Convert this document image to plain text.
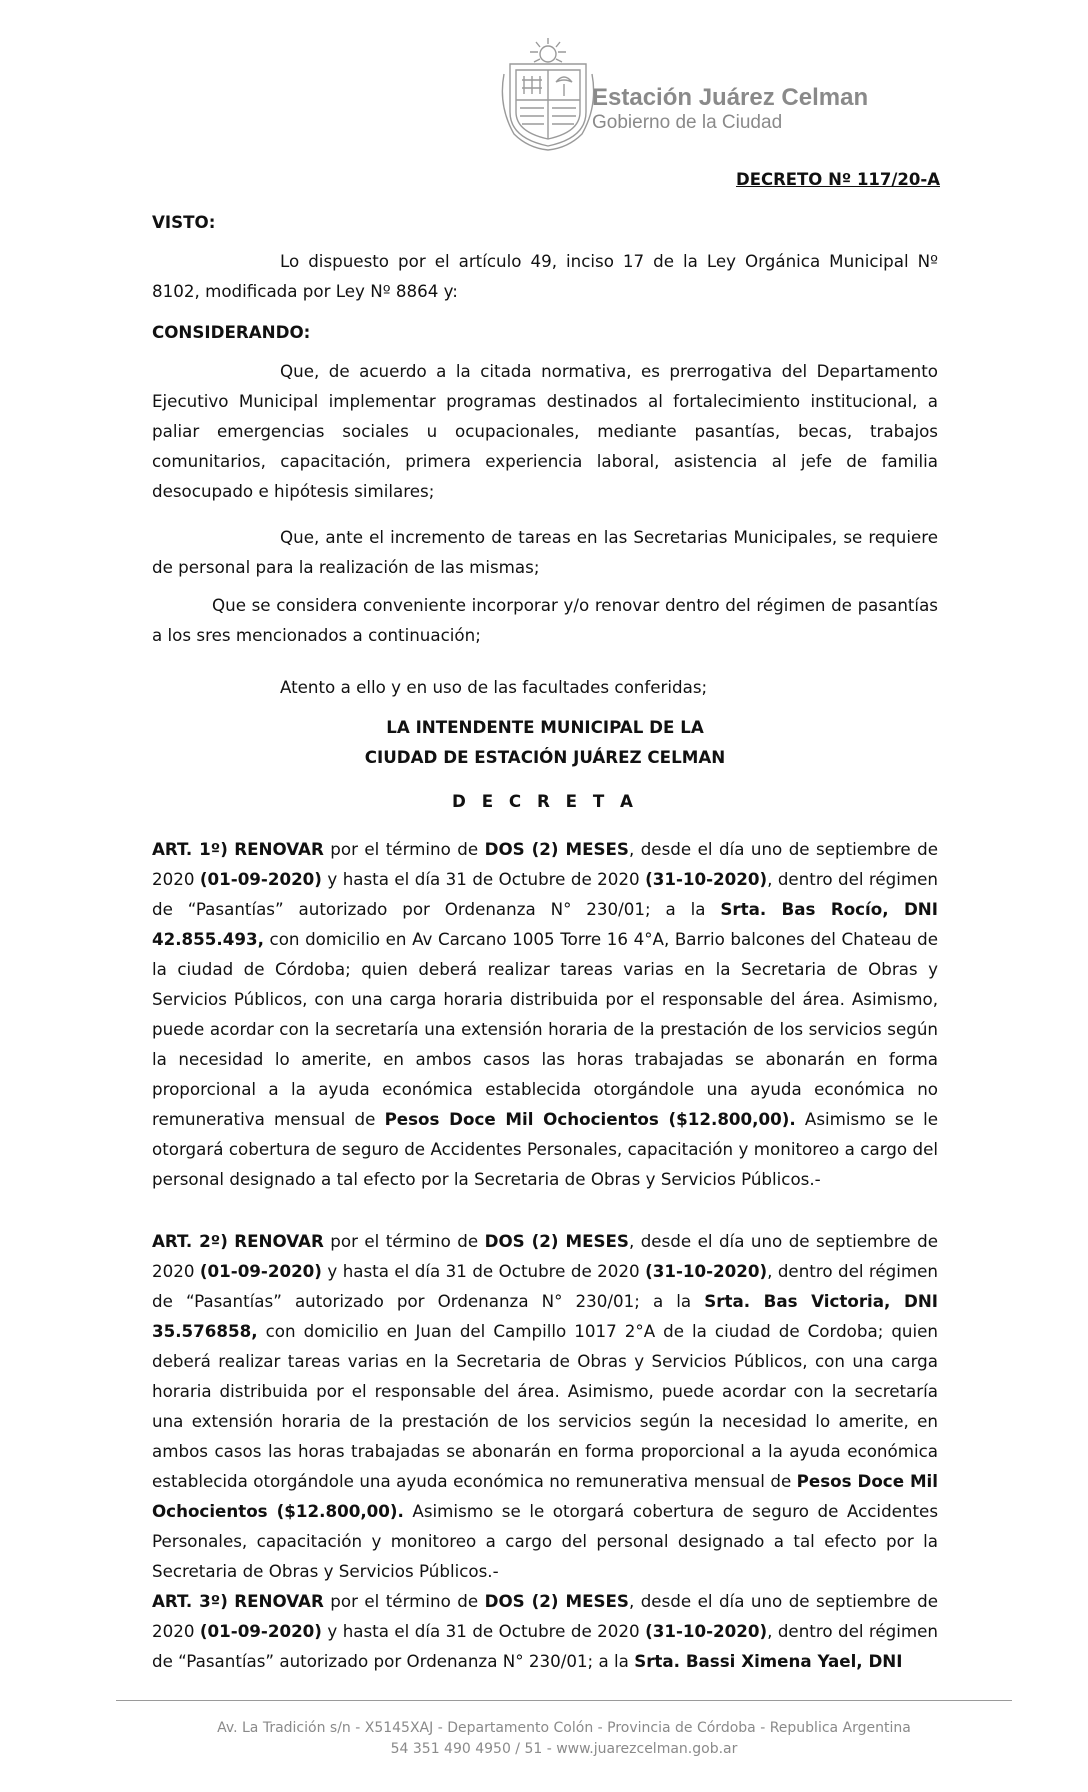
Estación Juárez Celman
Gobierno de la Ciudad
DECRETO Nº 117/20-A
VISTO:
Lo dispuesto por el artículo 49, inciso 17 de la Ley Orgánica Municipal Nº 8102, modificada por Ley Nº 8864 y:
CONSIDERANDO:
Que, de acuerdo a la citada normativa, es prerrogativa del Departamento Ejecutivo Municipal implementar programas destinados al fortalecimiento institucional, a paliar emergencias sociales u ocupacionales, mediante pasantías, becas, trabajos comunitarios, capacitación, primera experiencia laboral, asistencia al jefe de familia desocupado e hipótesis similares;
Que, ante el incremento de tareas en las Secretarias Municipales, se requiere de personal para la realización de las mismas;
Que se considera conveniente incorporar y/o renovar dentro del régimen de pasantías a los sres mencionados a continuación;
Atento a ello y en uso de las facultades conferidas;
LA INTENDENTE MUNICIPAL DE LA
CIUDAD DE ESTACIÓN JUÁREZ CELMAN
D E C R E T A
ART. 1º) RENOVAR por el término de DOS (2) MESES, desde el día uno de septiembre de 2020 (01-09-2020) y hasta el día 31 de Octubre de 2020 (31-10-2020), dentro del régimen de “Pasantías” autorizado por Ordenanza N° 230/01; a la Srta. Bas Rocío, DNI 42.855.493, con domicilio en Av Carcano 1005 Torre 16 4°A, Barrio balcones del Chateau de la ciudad de Córdoba; quien deberá realizar tareas varias en la Secretaria de Obras y Servicios Públicos, con una carga horaria distribuida por el responsable del área. Asimismo, puede acordar con la secretaría una extensión horaria de la prestación de los servicios según la necesidad lo amerite, en ambos casos las horas trabajadas se abonarán en forma proporcional a la ayuda económica establecida otorgándole una ayuda económica no remunerativa mensual de Pesos Doce Mil Ochocientos ($12.800,00). Asimismo se le otorgará cobertura de seguro de Accidentes Personales, capacitación y monitoreo a cargo del personal designado a tal efecto por la Secretaria de Obras y Servicios Públicos.-
ART. 2º) RENOVAR por el término de DOS (2) MESES, desde el día uno de septiembre de 2020 (01-09-2020) y hasta el día 31 de Octubre de 2020 (31-10-2020), dentro del régimen de “Pasantías” autorizado por Ordenanza N° 230/01; a la Srta. Bas Victoria, DNI 35.576858, con domicilio en Juan del Campillo 1017 2°A de la ciudad de Cordoba; quien deberá realizar tareas varias en la Secretaria de Obras y Servicios Públicos, con una carga horaria distribuida por el responsable del área. Asimismo, puede acordar con la secretaría una extensión horaria de la prestación de los servicios según la necesidad lo amerite, en ambos casos las horas trabajadas se abonarán en forma proporcional a la ayuda económica establecida otorgándole una ayuda económica no remunerativa mensual de Pesos Doce Mil Ochocientos ($12.800,00). Asimismo se le otorgará cobertura de seguro de Accidentes Personales, capacitación y monitoreo a cargo del personal designado a tal efecto por la Secretaria de Obras y Servicios Públicos.-
ART. 3º) RENOVAR por el término de DOS (2) MESES, desde el día uno de septiembre de 2020 (01-09-2020) y hasta el día 31 de Octubre de 2020 (31-10-2020), dentro del régimen de “Pasantías” autorizado por Ordenanza N° 230/01; a la Srta. Bassi Ximena Yael, DNI
Av. La Tradición s/n - X5145XAJ - Departamento Colón - Provincia de Córdoba - Republica Argentina
54 351 490 4950 / 51 - www.juarezcelman.gob.ar
